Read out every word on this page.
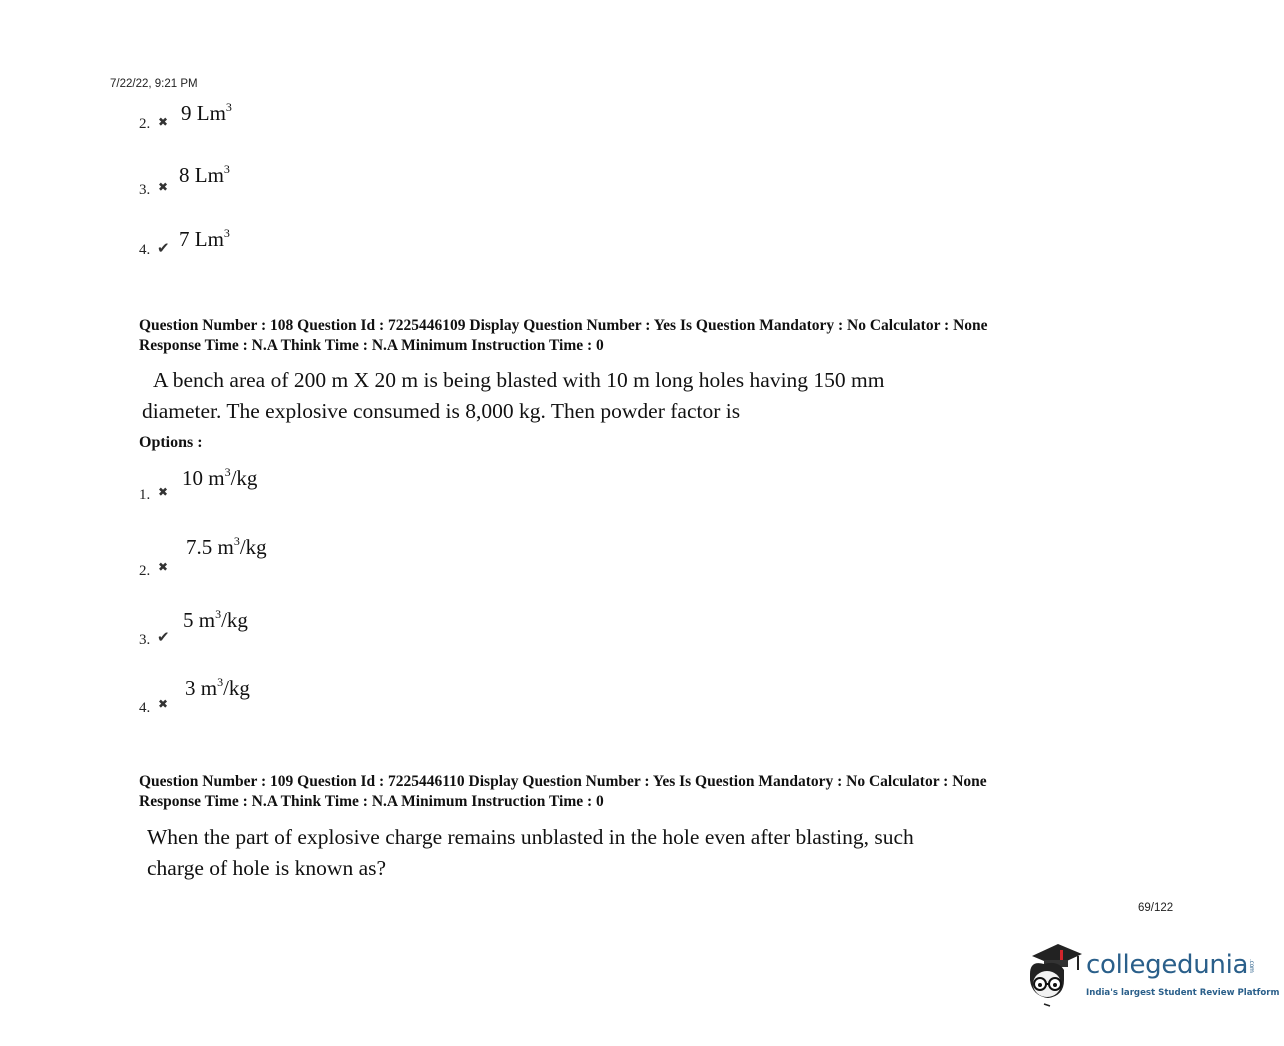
7/22/22, 9:21 PM
2. ✖ 9 Lm$^3$
3. ✖ 8 Lm$^3$
4. ✔ 7 Lm$^3$
Question Number : 108 Question Id : 7225446109 Display Question Number : Yes Is Question Mandatory : No Calculator : None
Response Time : N.A Think Time : N.A Minimum Instruction Time : 0
A bench area of 200 m X 20 m is being blasted with 10 m long holes having 150 mm
diameter. The explosive consumed is 8,000 kg. Then powder factor is
Options :
1. ✖
10 $m^3/kg$
2. ✖
7.5 $m^3/kg$
3. ✔
5 $m^3/kg$
4. ✖
3 $m^3/kg$
Question Number : 109 Question Id : 7225446110 Display Question Number : Yes Is Question Mandatory : No Calculator : None
Response Time : N.A Think Time : N.A Minimum Instruction Time : 0
When the part of explosive charge remains unblasted in the hole even after blasting, such
charge of hole is known as?
69/122
collegedunia.com
India's largest Student Review Platform
